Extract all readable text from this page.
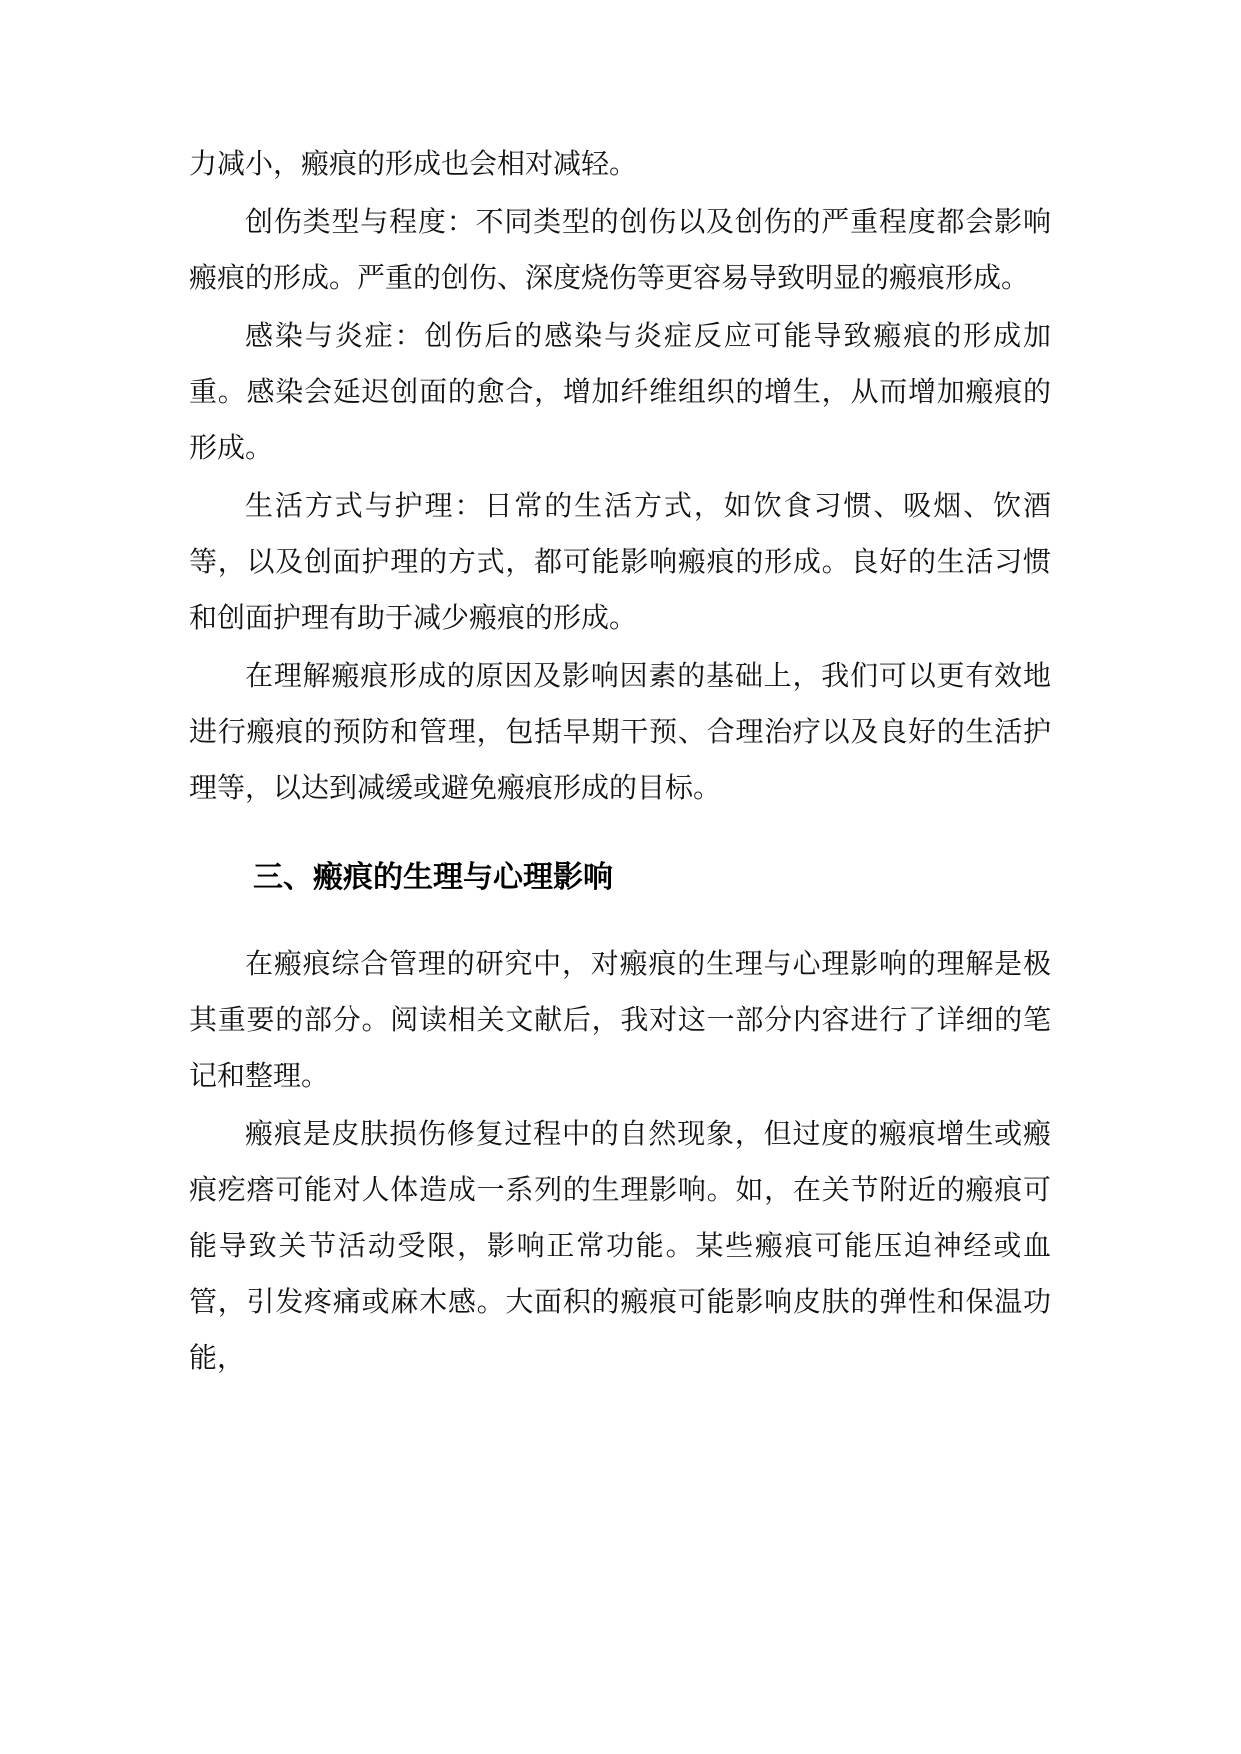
力减小，瘢痕的形成也会相对减轻。

创伤类型与程度：不同类型的创伤以及创伤的严重程度都会影响瘢痕的形成。严重的创伤、深度烧伤等更容易导致明显的瘢痕形成。

感染与炎症：创伤后的感染与炎症反应可能导致瘢痕的形成加重。感染会延迟创面的愈合，增加纤维组织的增生，从而增加瘢痕的形成。

生活方式与护理：日常的生活方式，如饮食习惯、吸烟、饮酒等，以及创面护理的方式，都可能影响瘢痕的形成。良好的生活习惯和创面护理有助于减少瘢痕的形成。

在理解瘢痕形成的原因及影响因素的基础上，我们可以更有效地进行瘢痕的预防和管理，包括早期干预、合理治疗以及良好的生活护理等，以达到减缓或避免瘢痕形成的目标。

三、瘢痕的生理与心理影响

在瘢痕综合管理的研究中，对瘢痕的生理与心理影响的理解是极其重要的部分。阅读相关文献后，我对这一部分内容进行了详细的笔记和整理。

瘢痕是皮肤损伤修复过程中的自然现象，但过度的瘢痕增生或瘢痕疙瘩可能对人体造成一系列的生理影响。如，在关节附近的瘢痕可能导致关节活动受限，影响正常功能。某些瘢痕可能压迫神经或血管，引发疼痛或麻木感。大面积的瘢痕可能影响皮肤的弹性和保温功能，
